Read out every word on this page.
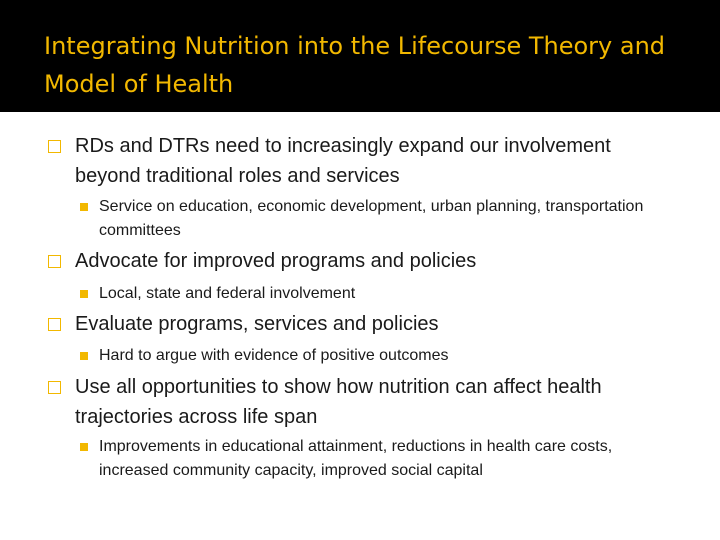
Integrating Nutrition into the Lifecourse Theory and Model of Health
RDs and DTRs need to increasingly expand our involvement beyond traditional roles and services
Service on education, economic development, urban planning, transportation committees
Advocate for improved programs and policies
Local, state and federal involvement
Evaluate programs, services and policies
Hard to argue with evidence of positive outcomes
Use all opportunities to show how nutrition can affect health trajectories across life span
Improvements in educational attainment, reductions in health care costs, increased community capacity, improved social capital
